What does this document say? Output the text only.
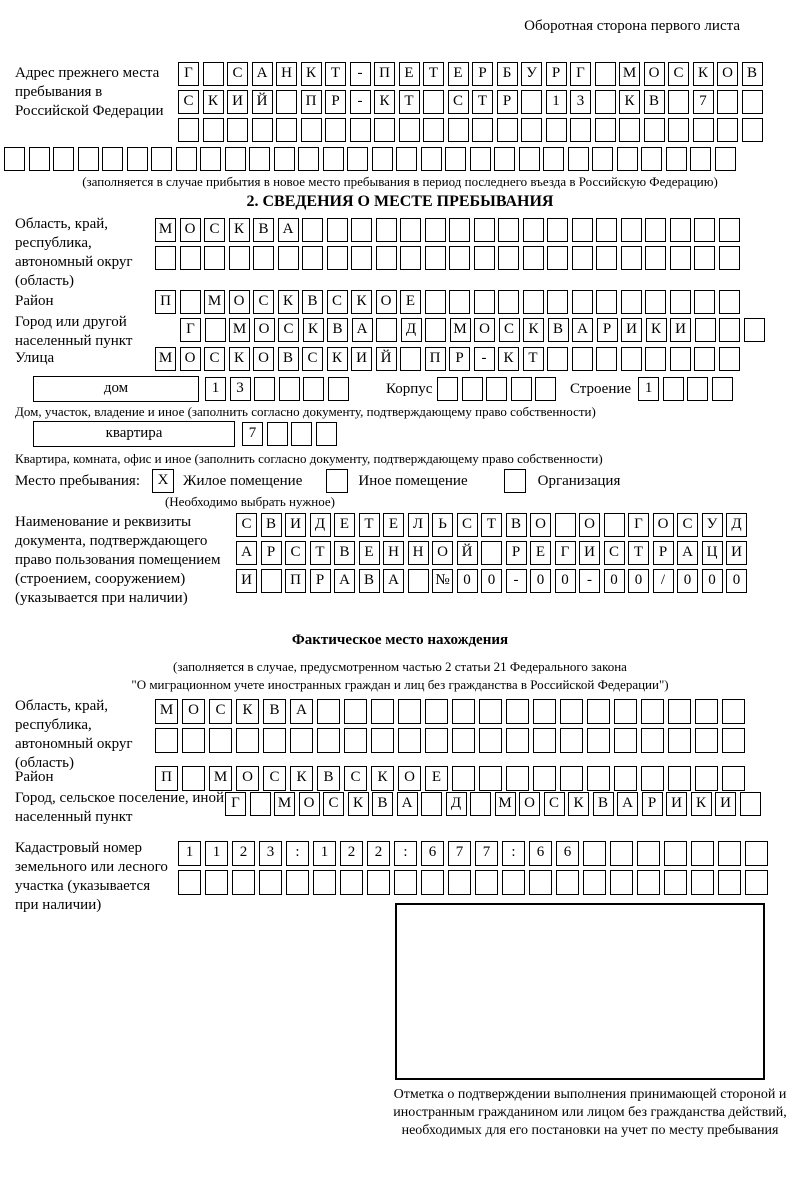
Оборотная сторона первого листа
Адрес прежнего места пребывания в Российской Федерации
Г	С А Н К Т	-	П Е	Т	Е	Р	Б У	Р	Г	М О С К О В
С К И Й	П Р	-	К Т	С Т	Р	1	3	К В	7
(заполняется в случае прибытия в новое место пребывания в период последнего въезда в Российскую Федерацию)
2. СВЕДЕНИЯ О МЕСТЕ ПРЕБЫВАНИЯ
Область, край, республика, автономный округ (область)
М О С К В А
Район	П	М О С К В С К О Е
Город или другой населенный пункт
Г	М О С К В А	Д	М О С К В А Р И К И
Улица	М О С К О В С К И Й	П Р	-	К Т
дом	1	3	Корпус	Строение 1
Дом, участок, владение и иное (заполнить согласно документу, подтверждающему право собственности)
квартира	7
Квартира, комната, офис и иное (заполнить согласно документу, подтверждающему право собственности)
Место пребывания:	X Жилое помещение	Иное помещение	Организация
(Необходимо выбрать нужное)
Наименование и реквизиты документа, подтверждающего право пользования помещением (строением, сооружением) (указывается при наличии)
С В И Д Е	Т	Е Л	Ь	С Т В О	О	Г О С У Д
А Р	С Т В Е Н Н О Й	Р	Е	Г И С Т	Р А Ц И
И	П Р А В А	№ 0	0	-	0	0	-	0	0	/	0	0	0
Фактическое место нахождения
(заполняется в случае, предусмотренном частью 2 статьи 21 Федерального закона
"О миграционном учете иностранных граждан и лиц без гражданства в Российской Федерации")
Область, край, республика, автономный округ (область)
М О	С	К	В	А
Район	П	М О	С	К	В	С	К	О	Е
Город, сельское поселение, иной населенный пункт
Г	М О С К В А	Д	М О С К В А Р И К И
Кадастровый номер земельного или лесного участка (указывается при наличии)
1	1	2	3	:	1	2	2	:	6	7	7	:	6	6
Отметка о подтверждении выполнения принимающей стороной и иностранным гражданином или лицом без гражданства действий, необходимых для его постановки на учет по месту пребывания
